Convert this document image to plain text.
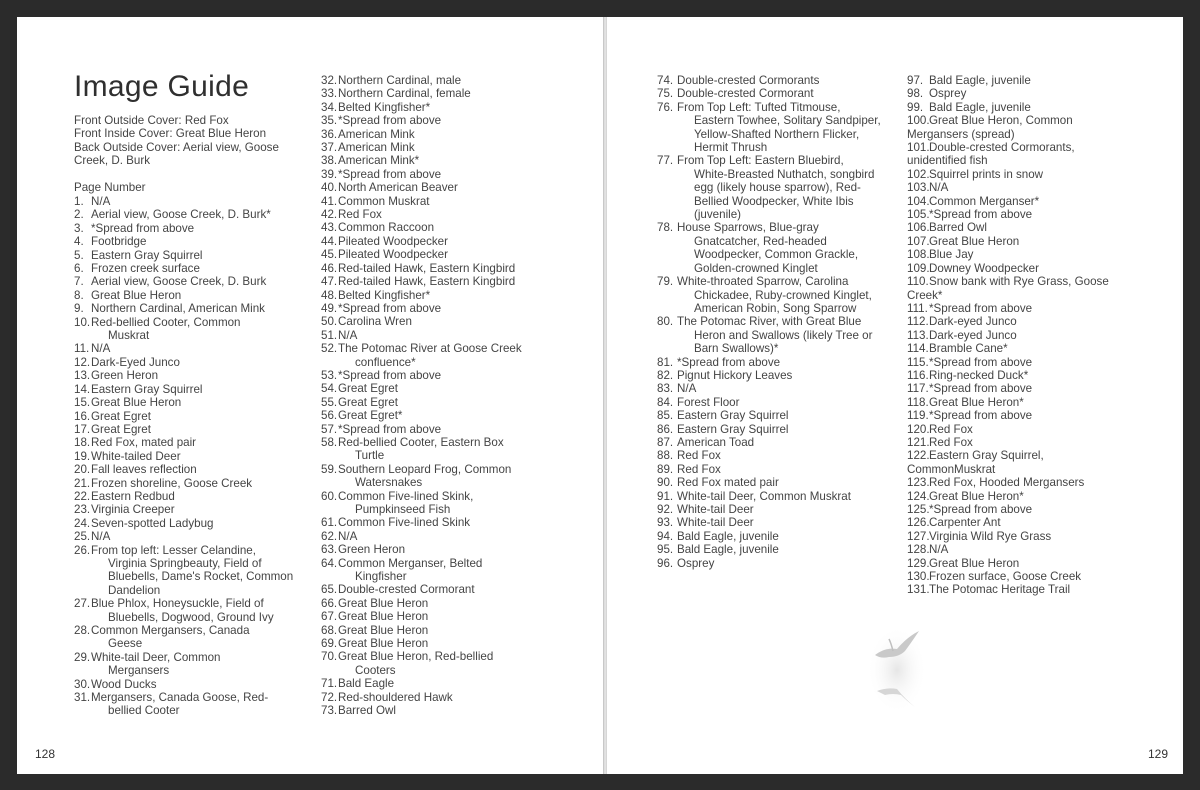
Image Guide
Front Outside Cover: Red Fox
Front Inside Cover: Great Blue Heron
Back Outside Cover: Aerial view, Goose Creek, D. Burk
Page Number
1. N/A
2. Aerial view, Goose Creek, D. Burk*
3. *Spread from above
4. Footbridge
5. Eastern Gray Squirrel
6. Frozen creek surface
7. Aerial view, Goose Creek, D. Burk
8. Great Blue Heron
9. Northern Cardinal, American Mink
10. Red-bellied Cooter, Common
Muskrat
11. N/A
12. Dark-Eyed Junco
13. Green Heron
14. Eastern Gray Squirrel
15. Great Blue Heron
16. Great Egret
17. Great Egret
18. Red Fox, mated pair
19. White-tailed Deer
20. Fall leaves reflection
21. Frozen shoreline, Goose Creek
22. Eastern Redbud
23. Virginia Creeper
24. Seven-spotted Ladybug
25. N/A
26. From top left: Lesser Celandine,
Virginia Springbeauty, Field of Bluebells, Dame's Rocket, Common Dandelion
27. Blue Phlox, Honeysuckle, Field of
Bluebells, Dogwood, Ground Ivy
28. Common Mergansers, Canada
Geese
29. White-tail Deer, Common
Mergansers
30. Wood Ducks
31. Mergansers, Canada Goose, Red-
bellied Cooter
32. Northern Cardinal, male
33. Northern Cardinal, female
34. Belted Kingfisher*
35. *Spread from above
36. American Mink
37. American Mink
38. American Mink*
39. *Spread from above
40. North American Beaver
41. Common Muskrat
42. Red Fox
43. Common Raccoon
44. Pileated Woodpecker
45. Pileated Woodpecker
46. Red-tailed Hawk, Eastern Kingbird
47. Red-tailed Hawk, Eastern Kingbird
48. Belted Kingfisher*
49. *Spread from above
50. Carolina Wren
51. N/A
52. The Potomac River at Goose Creek
confluence*
53. *Spread from above
54. Great Egret
55. Great Egret
56. Great Egret*
57. *Spread from above
58. Red-bellied Cooter, Eastern Box
Turtle
59. Southern Leopard Frog, Common
Watersnakes
60. Common Five-lined Skink,
Pumpkinseed Fish
61. Common Five-lined Skink
62. N/A
63. Green Heron
64. Common Merganser, Belted
Kingfisher
65. Double-crested Cormorant
66. Great Blue Heron
67. Great Blue Heron
68. Great Blue Heron
69. Great Blue Heron
70. Great Blue Heron, Red-bellied
Cooters
71. Bald Eagle
72. Red-shouldered Hawk
73. Barred Owl
128
74. Double-crested Cormorants
75. Double-crested Cormorant
76. From Top Left: Tufted Titmouse,
Eastern Towhee, Solitary Sandpiper, Yellow-Shafted Northern Flicker, Hermit Thrush
77. From Top Left: Eastern Bluebird,
White-Breasted Nuthatch, songbird egg (likely house sparrow), Red-Bellied Woodpecker, White Ibis (juvenile)
78. House Sparrows, Blue-gray
Gnatcatcher, Red-headed Woodpecker, Common Grackle, Golden-crowned Kinglet
79. White-throated Sparrow, Carolina
Chickadee, Ruby-crowned Kinglet, American Robin, Song Sparrow
80. The Potomac River, with Great Blue
Heron and Swallows (likely Tree or Barn Swallows)*
81. *Spread from above
82. Pignut Hickory Leaves
83. N/A
84. Forest Floor
85. Eastern Gray Squirrel
86. Eastern Gray Squirrel
87. American Toad
88. Red Fox
89. Red Fox
90. Red Fox mated pair
91. White-tail Deer, Common Muskrat
92. White-tail Deer
93. White-tail Deer
94. Bald Eagle, juvenile
95. Bald Eagle, juvenile
96. Osprey
97. Bald Eagle, juvenile
98. Osprey
99. Bald Eagle, juvenile
100. Great Blue Heron, Common
Mergansers (spread)
101. Double-crested Cormorants,
unidentified fish
102. Squirrel prints in snow
103. N/A
104. Common Merganser*
105. *Spread from above
106. Barred Owl
107. Great Blue Heron
108. Blue Jay
109. Downey Woodpecker
110. Snow bank with Rye Grass, Goose
Creek*
111. *Spread from above
112. Dark-eyed Junco
113. Dark-eyed Junco
114. Bramble Cane*
115. *Spread from above
116. Ring-necked Duck*
117. *Spread from above
118. Great Blue Heron*
119. *Spread from above
120. Red Fox
121. Red Fox
122. Eastern Gray Squirrel,
CommonMuskrat
123. Red Fox, Hooded Mergansers
124. Great Blue Heron*
125. *Spread from above
126. Carpenter Ant
127. Virginia Wild Rye Grass
128. N/A
129. Great Blue Heron
130. Frozen surface, Goose Creek
131. The Potomac Heritage Trail
129
